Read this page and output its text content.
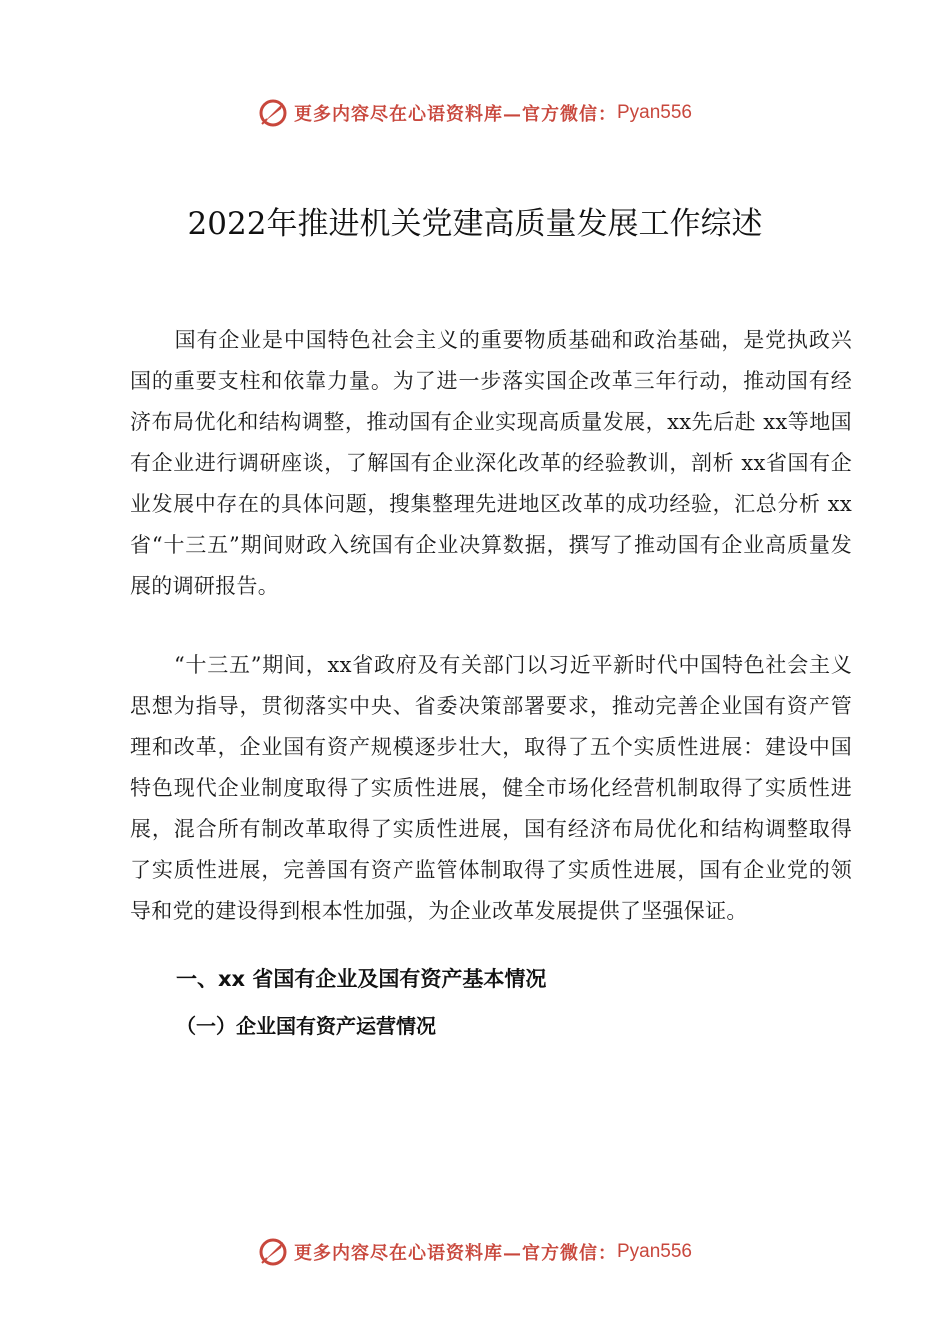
更多内容尽在心语资料库—官方微信： Pyan556
2022年推进机关党建高质量发展工作综述

国有企业是中国特色社会主义的重要物质基础和政治基础，是党执政兴国的重要支柱和依靠力量。为了进一步落实国企改革三年行动，推动国有经济布局优化和结构调整，推动国有企业实现高质量发展，xx先后赴 xx等地国有企业进行调研座谈，了解国有企业深化改革的经验教训，剖析 xx省国有企业发展中存在的具体问题，搜集整理先进地区改革的成功经验，汇总分析 xx省“十三五”期间财政入统国有企业决算数据，撰写了推动国有企业高质量发展的调研报告。

“十三五”期间，xx省政府及有关部门以习近平新时代中国特色社会主义思想为指导，贯彻落实中央、省委决策部署要求，推动完善企业国有资产管理和改革，企业国有资产规模逐步壮大，取得了五个实质性进展：建设中国特色现代企业制度取得了实质性进展，健全市场化经营机制取得了实质性进展，混合所有制改革取得了实质性进展，国有经济布局优化和结构调整取得了实质性进展，完善国有资产监管体制取得了实质性进展，国有企业党的领导和党的建设得到根本性加强，为企业改革发展提供了坚强保证。

一、xx 省国有企业及国有资产基本情况
（一）企业国有资产运营情况
更多内容尽在心语资料库—官方微信： Pyan556
